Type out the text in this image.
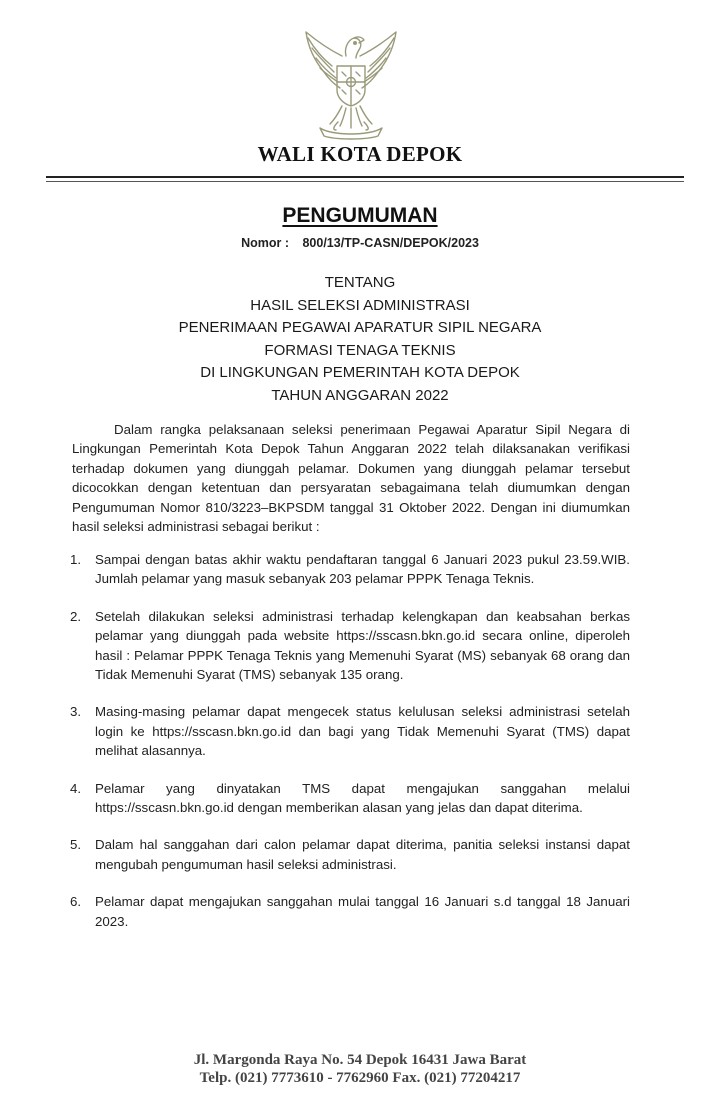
WALI KOTA DEPOK
PENGUMUMAN
Nomor : 800/13/TP-CASN/DEPOK/2023
TENTANG
HASIL SELEKSI ADMINISTRASI
PENERIMAAN PEGAWAI APARATUR SIPIL NEGARA
FORMASI TENAGA TEKNIS
DI LINGKUNGAN PEMERINTAH KOTA DEPOK
TAHUN ANGGARAN 2022
Dalam rangka pelaksanaan seleksi penerimaan Pegawai Aparatur Sipil Negara di Lingkungan Pemerintah Kota Depok Tahun Anggaran 2022 telah dilaksanakan verifikasi terhadap dokumen yang diunggah pelamar. Dokumen yang diunggah pelamar tersebut dicocokkan dengan ketentuan dan persyaratan sebagaimana telah diumumkan dengan Pengumuman Nomor 810/3223–BKPSDM tanggal 31 Oktober 2022. Dengan ini diumumkan hasil seleksi administrasi sebagai berikut :
1. Sampai dengan batas akhir waktu pendaftaran tanggal 6 Januari 2023 pukul 23.59.WIB. Jumlah pelamar yang masuk sebanyak 203 pelamar PPPK Tenaga Teknis.
2. Setelah dilakukan seleksi administrasi terhadap kelengkapan dan keabsahan berkas pelamar yang diunggah pada website https://sscasn.bkn.go.id secara online, diperoleh hasil : Pelamar PPPK Tenaga Teknis yang Memenuhi Syarat (MS) sebanyak 68 orang dan Tidak Memenuhi Syarat (TMS) sebanyak 135 orang.
3. Masing-masing pelamar dapat mengecek status kelulusan seleksi administrasi setelah login ke https://sscasn.bkn.go.id dan bagi yang Tidak Memenuhi Syarat (TMS) dapat melihat alasannya.
4. Pelamar yang dinyatakan TMS dapat mengajukan sanggahan melalui https://sscasn.bkn.go.id dengan memberikan alasan yang jelas dan dapat diterima.
5. Dalam hal sanggahan dari calon pelamar dapat diterima, panitia seleksi instansi dapat mengubah pengumuman hasil seleksi administrasi.
6. Pelamar dapat mengajukan sanggahan mulai tanggal 16 Januari s.d tanggal 18 Januari 2023.
Jl. Margonda Raya No. 54 Depok 16431 Jawa Barat
Telp. (021) 7773610 - 7762960 Fax. (021) 77204217
